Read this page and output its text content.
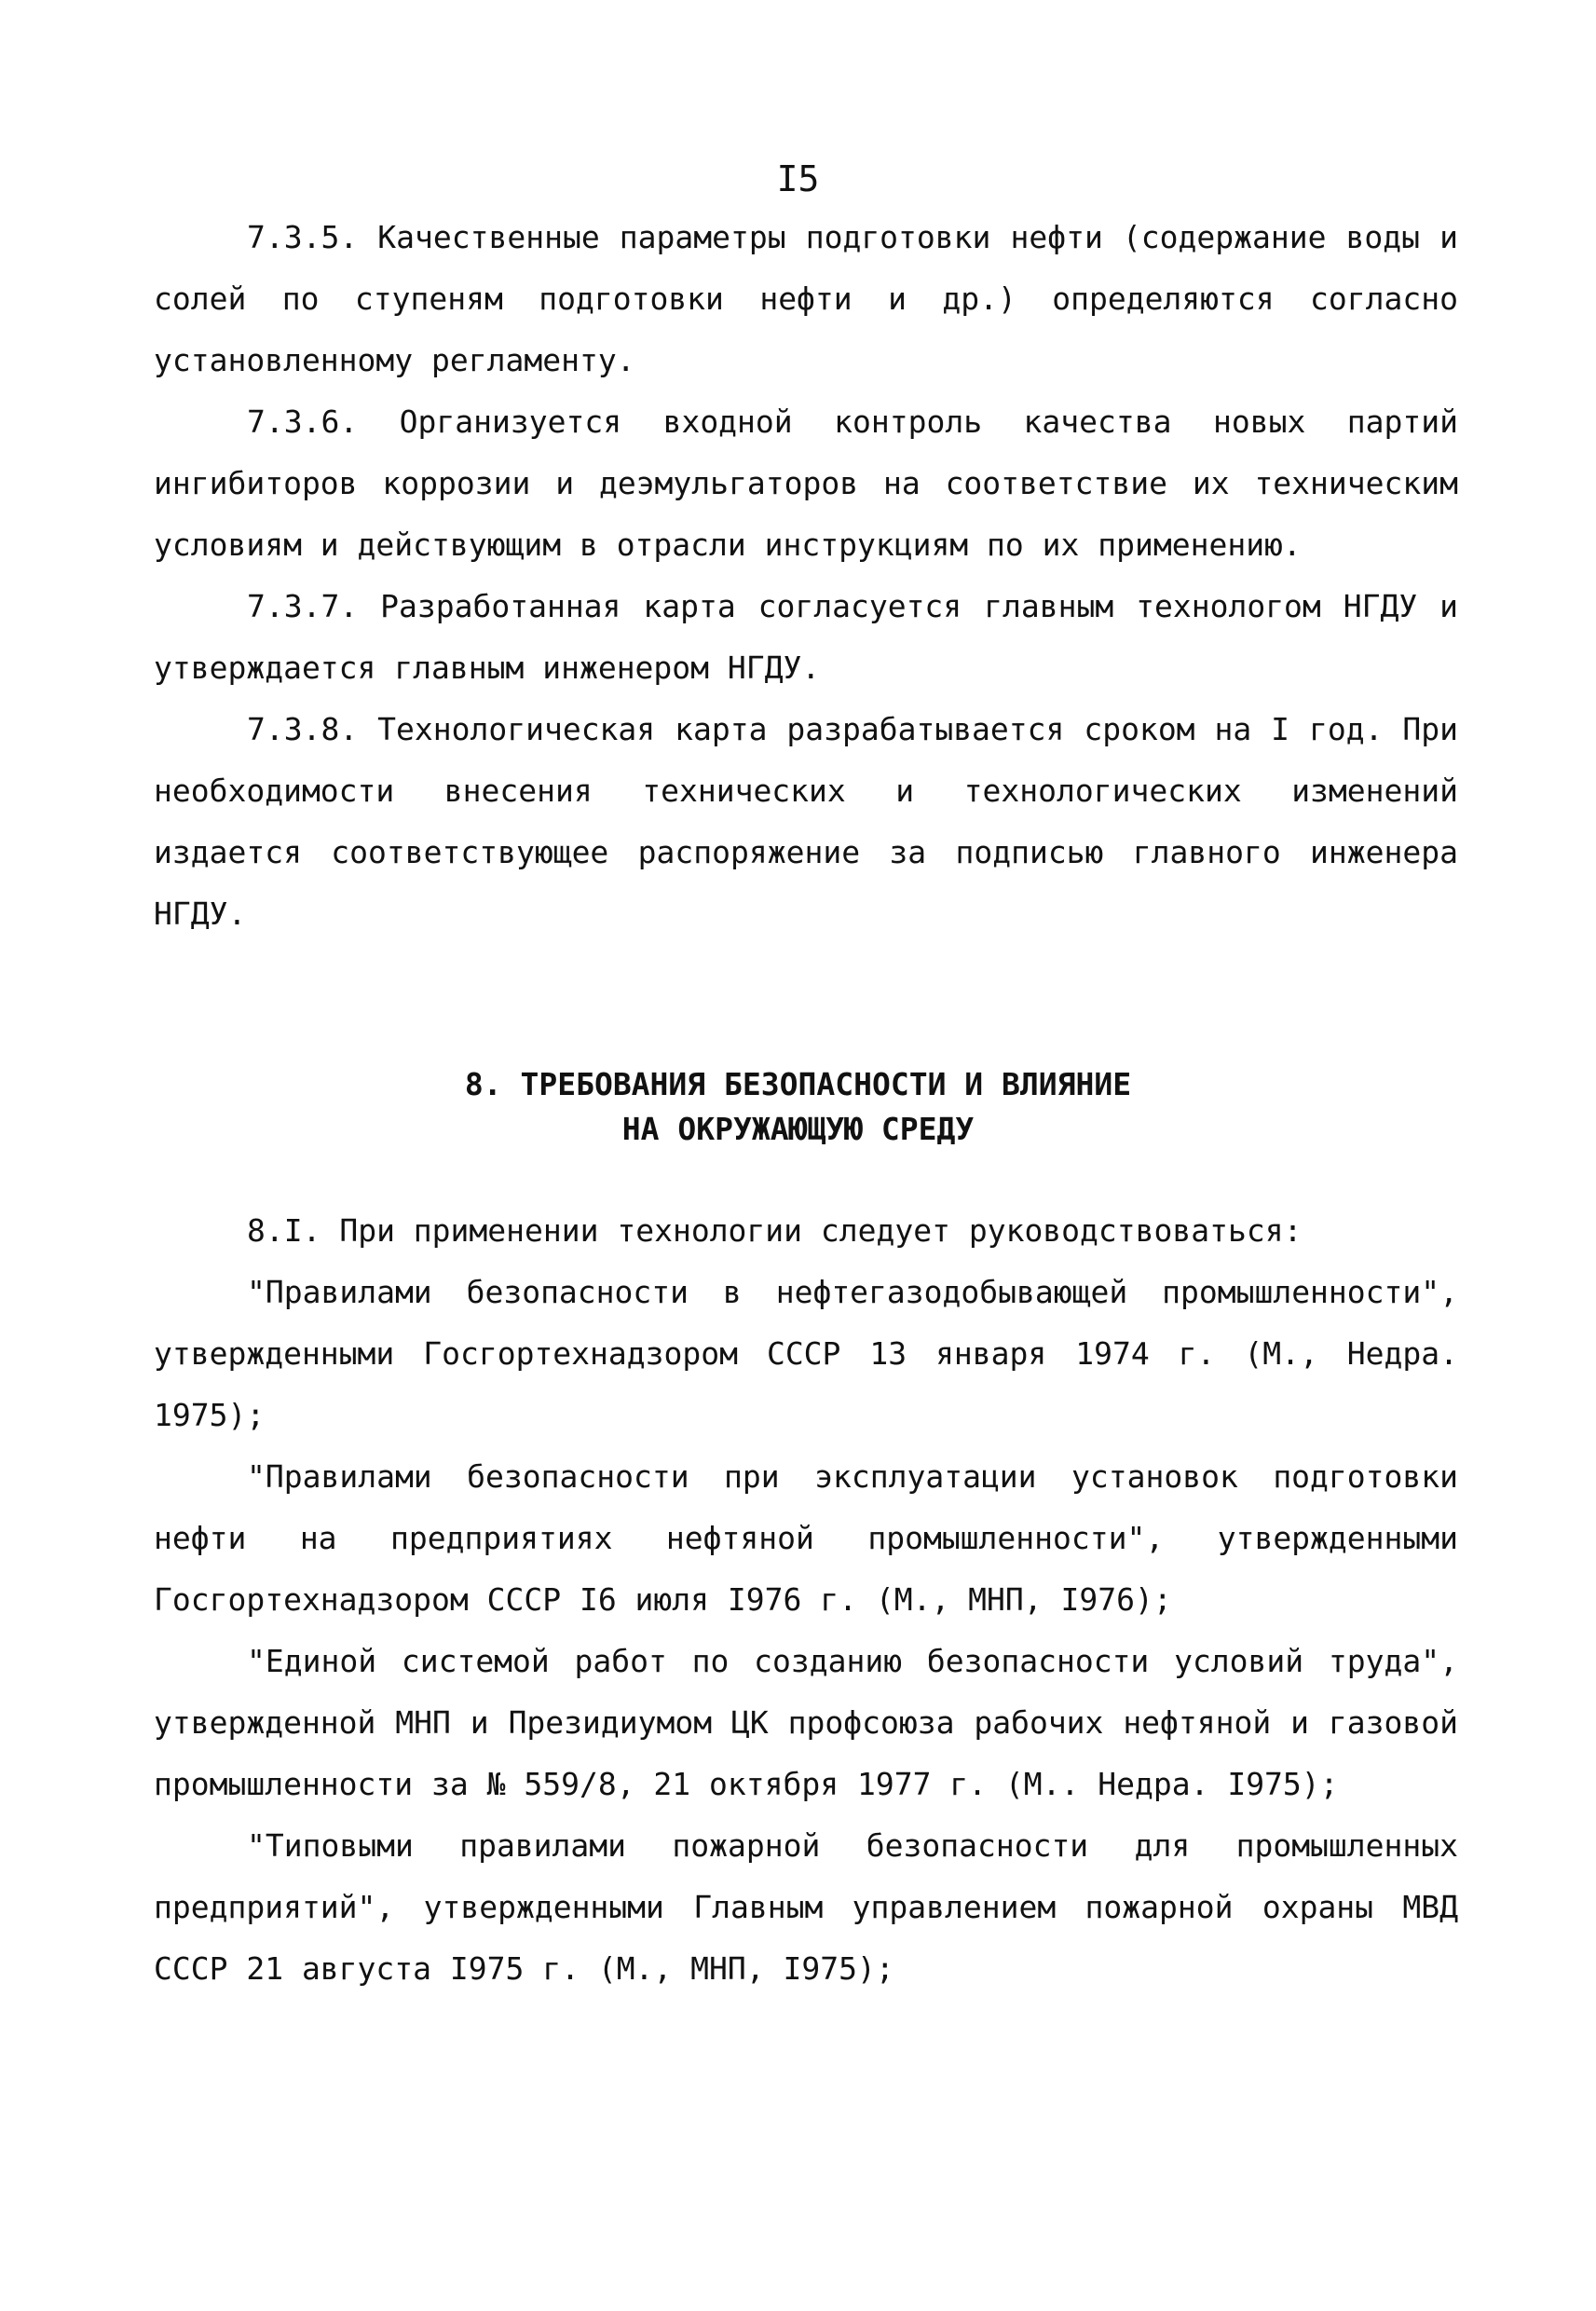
I5

7.3.5. Качественные параметры подготовки нефти (содержание воды и солей по ступеням подготовки нефти и др.) определяются согласно установленному регламенту.

7.3.6. Организуется входной контроль качества новых партий ингибиторов коррозии и деэмульгаторов на соответствие их техническим условиям и действующим в отрасли инструкциям по их применению.

7.3.7. Разработанная карта согласуется главным технологом НГДУ и утверждается главным инженером НГДУ.

7.3.8. Технологическая карта разрабатывается сроком на I год. При необходимости внесения технических и технологических изменений издается соответствующее распоряжение за подписью главного инженера НГДУ.

8. ТРЕБОВАНИЯ БЕЗОПАСНОСТИ И ВЛИЯНИЕ
НА ОКРУЖАЮЩУЮ СРЕДУ

8.I. При применении технологии следует руководствоваться:

"Правилами безопасности в нефтегазодобывающей промышленности", утвержденными Госгортехнадзором СССР 13 января 1974 г. (М., Недра. 1975);

"Правилами безопасности при эксплуатации установок подготовки нефти на предприятиях нефтяной промышленности", утвержденными Госгортехнадзором СССР I6 июля I976 г. (М., МНП, I976);

"Единой системой работ по созданию безопасности условий труда", утвержденной МНП и Президиумом ЦК профсоюза рабочих нефтяной и газовой промышленности за № 559/8, 21 октября 1977 г. (М.. Недра. I975);

"Типовыми правилами пожарной безопасности для промышленных предприятий", утвержденными Главным управлением пожарной охраны МВД СССР 21 августа I975 г. (М., МНП, I975);
